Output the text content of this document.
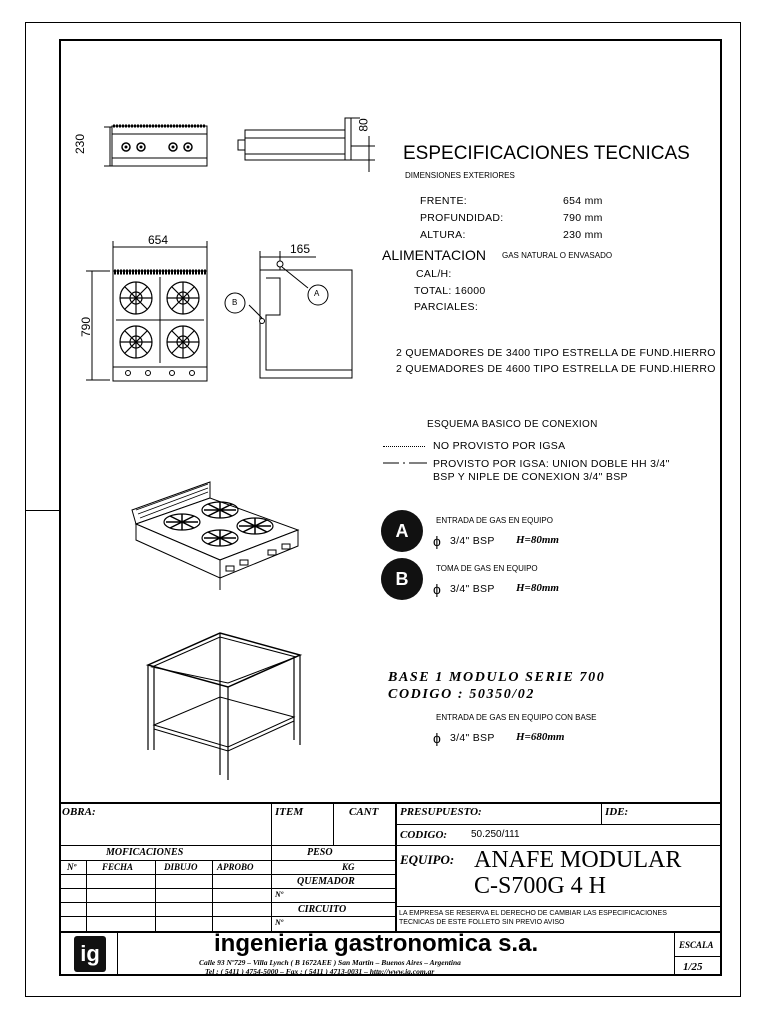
230
80
654
790
165
A
B
ESPECIFICACIONES TECNICAS
DIMENSIONES EXTERIORES
FRENTE:	654 mm
PROFUNDIDAD:	790 mm
ALTURA:	230 mm
ALIMENTACION GAS NATURAL O ENVASADO
CAL/H:
TOTAL: 16000
PARCIALES:
2 QUEMADORES DE 3400 TIPO ESTRELLA DE FUND.HIERRO
2 QUEMADORES DE 4600 TIPO ESTRELLA DE FUND.HIERRO
ESQUEMA BASICO DE CONEXION
NO PROVISTO POR IGSA
PROVISTO POR IGSA: UNION DOBLE HH 3/4"
BSP Y NIPLE DE CONEXION 3/4" BSP
A	ENTRADA DE GAS EN EQUIPO
ϕ 3/4" BSP H=80mm
B	TOMA DE GAS EN EQUIPO
ϕ 3/4" BSP H=80mm
BASE 1 MODULO SERIE 700
CODIGO : 50350/02
ENTRADA DE GAS EN EQUIPO CON BASE
ϕ 3/4" BSP H=680mm
OBRA:	ITEM	CANT PRESUPUESTO:	IDE:
CODIGO: 50.250/111
MOFICACIONES	PESO
Nº	FECHA	DIBUJO APROBO	KG
QUEMADOR
Nº
CIRCUITO
Nº
EQUIPO: ANAFE MODULAR
C-S700G 4 H
LA EMPRESA SE RESERVA EL DERECHO DE CAMBIAR LAS ESPECIFICACIONES
TECNICAS DE ESTE FOLLETO SIN PREVIO AVISO
ig	ingenieria gastronomica s.a.
Calle 93 Nº729 – Villa Lynch ( B 1672AEE ) San Martin – Buenos Aires – Argentina
Tel : ( 5411 ) 4754-5000 – Fax : ( 5411 ) 4713-0031 – http://www.ig.com.ar
ESCALA
1/25
